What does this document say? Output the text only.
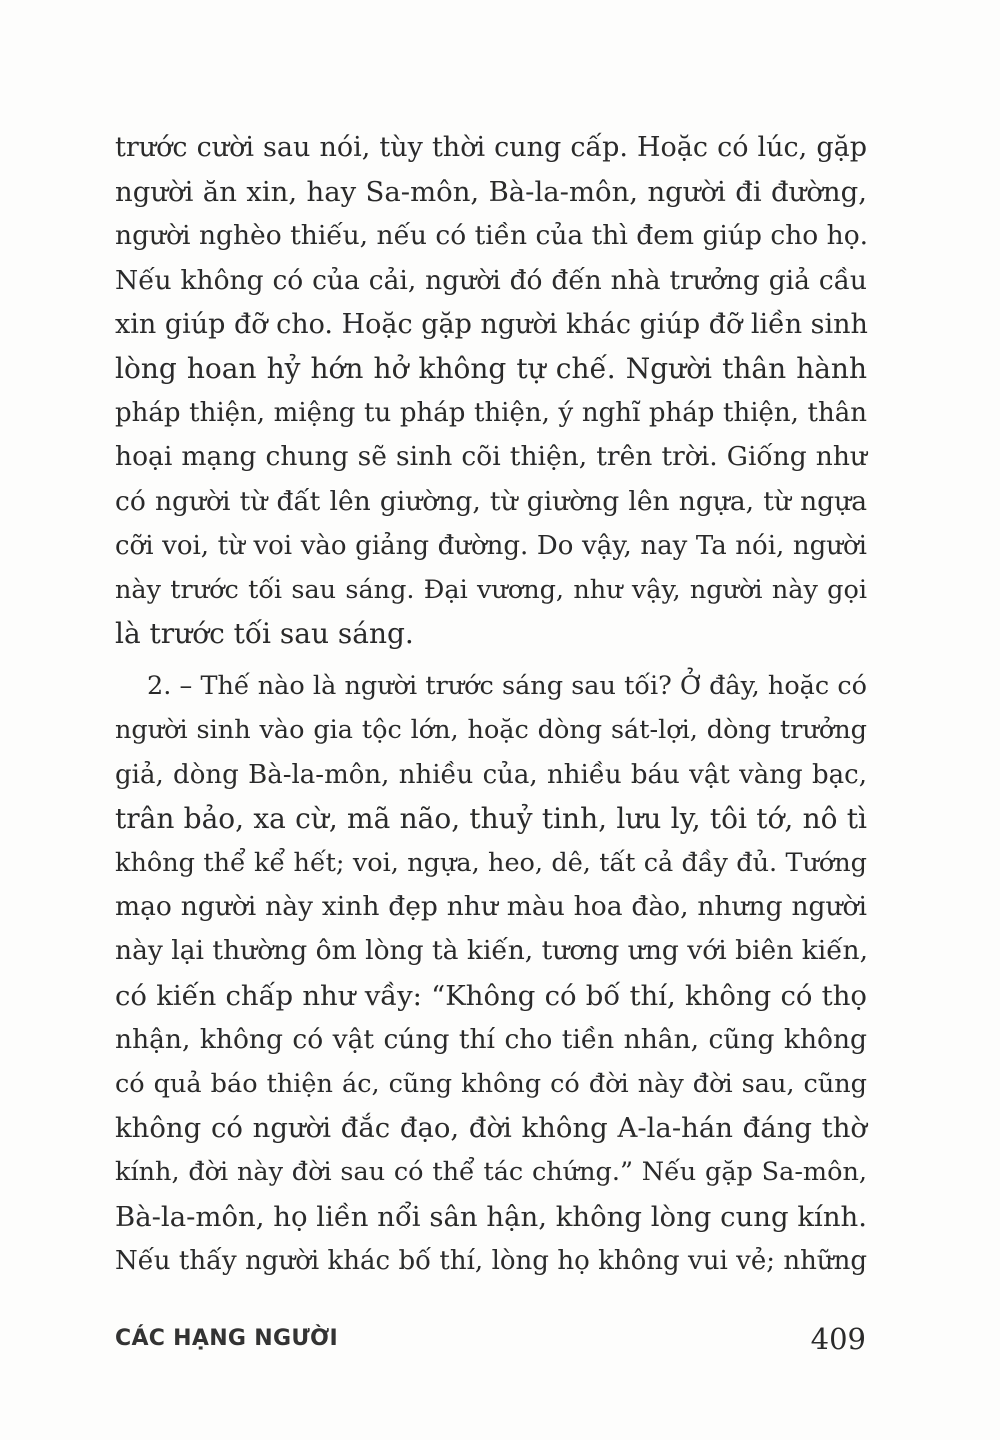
trước cười sau nói, tùy thời cung cấp. Hoặc có lúc, gặp
người ăn xin, hay Sa-môn, Bà-la-môn, người đi đường,
người nghèo thiếu, nếu có tiền của thì đem giúp cho họ.
Nếu không có của cải, người đó đến nhà trưởng giả cầu
xin giúp đỡ cho. Hoặc gặp người khác giúp đỡ liền sinh
lòng hoan hỷ hớn hở không tự chế. Người thân hành
pháp thiện, miệng tu pháp thiện, ý nghĩ pháp thiện, thân
hoại mạng chung sẽ sinh cõi thiện, trên trời. Giống như
có người từ đất lên giường, từ giường lên ngựa, từ ngựa
cỡi voi, từ voi vào giảng đường. Do vậy, nay Ta nói, người
này trước tối sau sáng. Đại vương, như vậy, người này gọi
là trước tối sau sáng.
2. – Thế nào là người trước sáng sau tối? Ở đây, hoặc có
người sinh vào gia tộc lớn, hoặc dòng sát-lợi, dòng trưởng
giả, dòng Bà-la-môn, nhiều của, nhiều báu vật vàng bạc,
trân bảo, xa cừ, mã não, thuỷ tinh, lưu ly, tôi tớ, nô tì
không thể kể hết; voi, ngựa, heo, dê, tất cả đầy đủ. Tướng
mạo người này xinh đẹp như màu hoa đào, nhưng người
này lại thường ôm lòng tà kiến, tương ưng với biên kiến,
có kiến chấp như vầy: “Không có bố thí, không có thọ
nhận, không có vật cúng thí cho tiền nhân, cũng không
có quả báo thiện ác, cũng không có đời này đời sau, cũng
không có người đắc đạo, đời không A-la-hán đáng thờ
kính, đời này đời sau có thể tác chứng.” Nếu gặp Sa-môn,
Bà-la-môn, họ liền nổi sân hận, không lòng cung kính.
Nếu thấy người khác bố thí, lòng họ không vui vẻ; những
CÁC HẠNG NGƯỜI	409
